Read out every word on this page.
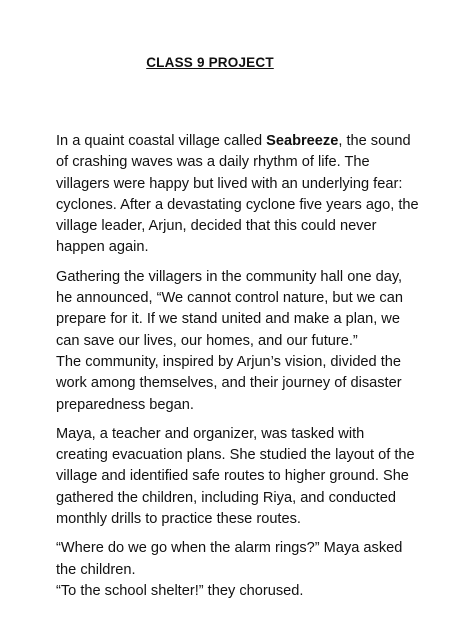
CLASS 9 PROJECT

In a quaint coastal village called Seabreeze, the sound
of crashing waves was a daily rhythm of life. The
villagers were happy but lived with an underlying fear:
cyclones. After a devastating cyclone five years ago, the
village leader, Arjun, decided that this could never
happen again.

Gathering the villagers in the community hall one day,
he announced, “We cannot control nature, but we can
prepare for it. If we stand united and make a plan, we
can save our lives, our homes, and our future.”
The community, inspired by Arjun’s vision, divided the
work among themselves, and their journey of disaster
preparedness began.

Maya, a teacher and organizer, was tasked with
creating evacuation plans. She studied the layout of the
village and identified safe routes to higher ground. She
gathered the children, including Riya, and conducted
monthly drills to practice these routes.

“Where do we go when the alarm rings?” Maya asked
the children.
“To the school shelter!” they chorused.
